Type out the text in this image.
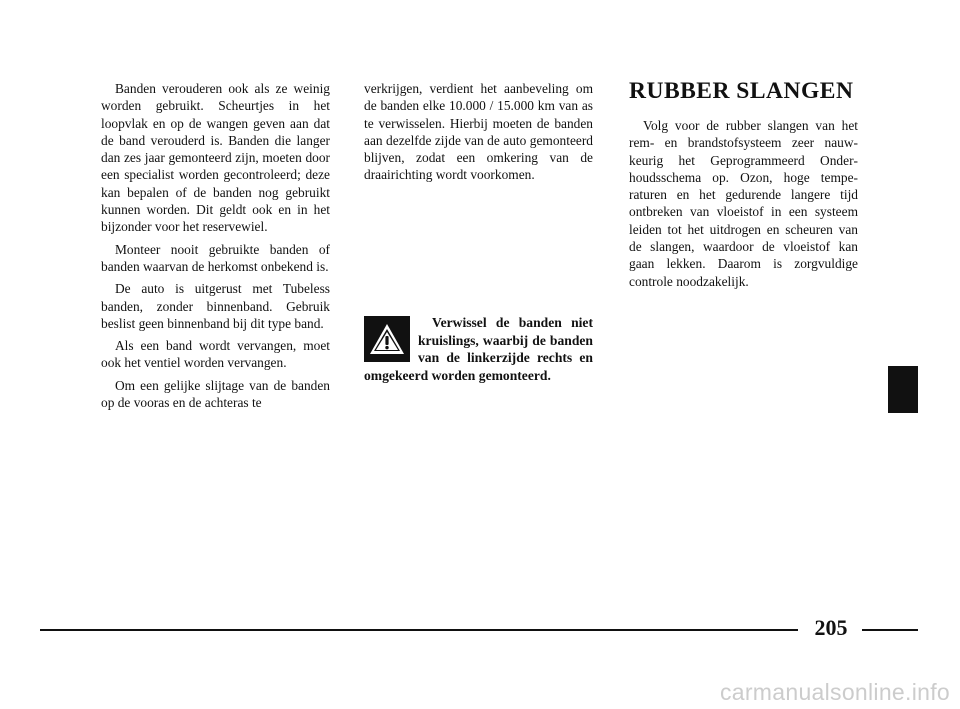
Banden verouderen ook als ze weinig worden gebruikt. Scheurtjes in het loopvlak en op de wangen geven aan dat de band verouderd is. Banden die langer dan zes jaar gemonteerd zijn, moeten door een specialist worden gecontroleerd; deze kan bepalen of de banden nog gebruikt kunnen worden. Dit geldt ook en in het bijzonder voor het reservewiel.

Monteer nooit gebruikte banden of banden waarvan de herkomst onbekend is.

De auto is uitgerust met Tubeless banden, zonder binnenband. Gebruik beslist geen binnenband bij dit type band.

Als een band wordt vervangen, moet ook het ventiel worden vervangen.

Om een gelijke slijtage van de banden op de vooras en de achteras te

verkrijgen, verdient het aanbeveling om de banden elke 10.000 / 15.000 km van as te verwisselen. Hierbij moeten de banden aan dezelfde zijde van de auto gemonteerd blijven, zodat een omkering van de draairichting wordt voorkomen.

Verwissel de banden niet kruislings, waarbij de banden van de linkerzijde rechts en omgekeerd worden gemonteerd.

RUBBER SLANGEN

Volg voor de rubber slangen van het rem- en brandstofsysteem zeer nauwkeurig het Geprogrammeerd Onderhoudsschema op. Ozon, hoge temperaturen en het gedurende langere tijd ontbreken van vloeistof in een systeem leiden tot het uitdrogen en scheuren van de slangen, waardoor de vloeistof kan gaan lekken. Daarom is zorgvuldige controle noodzakelijk.

205
carmanualsonline.info
